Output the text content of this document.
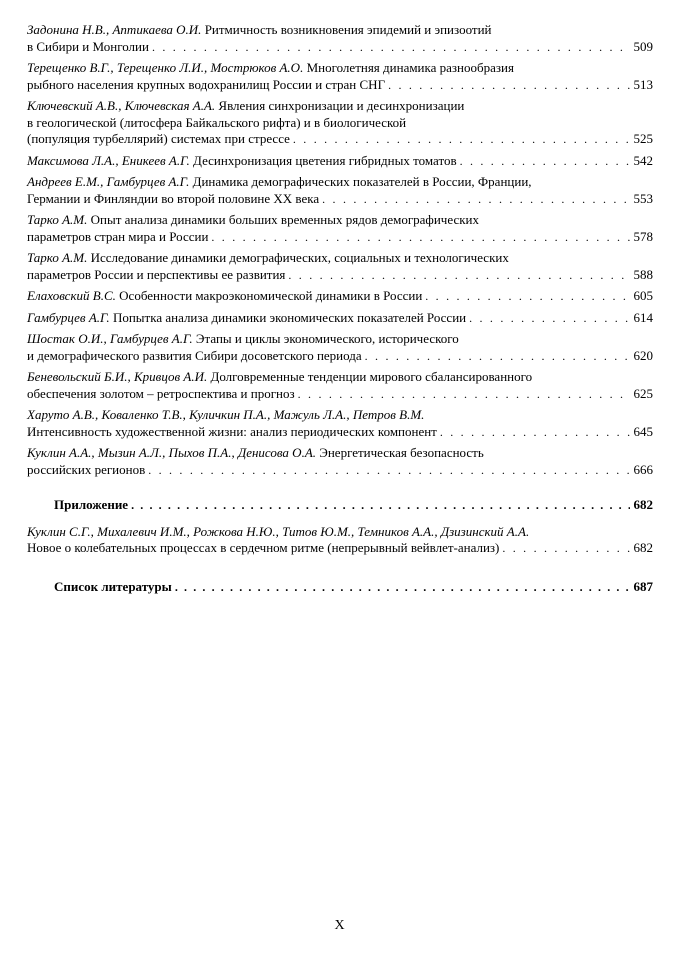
Задонина Н.В., Аптикаева О.И. Ритмичность возникновения эпидемий и эпизоотий
в Сибири и Монголии . . .	509
Терещенко В.Г., Терещенко Л.И., Мострюков А.О. Многолетняя динамика разнообразия
рыбного населения крупных водохранилищ России и стран СНГ . . .	513
Ключевский А.В., Ключевская А.А. Явления синхронизации и десинхронизации
в геологической (литосфера Байкальского рифта) и в биологической
(популяция турбеллярий) системах при стрессе . . .	525
Максимова Л.А., Еникеев А.Г. Десинхронизация цветения гибридных томатов . . .	542
Андреев Е.М., Гамбурцев А.Г. Динамика демографических показателей в России, Франции,
Германии и Финляндии во второй половине XX века . . .	553
Тарко А.М. Опыт анализа динамики больших временных рядов демографических
параметров стран мира и России . . .	578
Тарко А.М. Исследование динамики демографических, социальных и технологических
параметров России и перспективы ее развития . . .	588
Елаховский В.С. Особенности макроэкономической динамики в России . . .	605
Гамбурцев А.Г. Попытка анализа динамики экономических показателей России . . .	614
Шостак О.И., Гамбурцев А.Г. Этапы и циклы экономического, исторического
и демографического развития Сибири досоветского периода . . .	620
Беневольский Б.И., Кривцов А.И. Долговременные тенденции мирового сбалансированного
обеспечения золотом – ретроспектива и прогноз . . .	625
Харуто А.В., Коваленко Т.В., Куличкин П.А., Мажуль Л.А., Петров В.М.
Интенсивность художественной жизни: анализ периодических компонент . . .	645
Куклин А.А., Мызин А.Л., Пыхов П.А., Денисова О.А. Энергетическая безопасность
российских регионов . . .	666
Приложение . . .	682
Куклин С.Г., Михалевич И.М., Рожкова Н.Ю., Титов Ю.М., Темников А.А., Дзизинский А.А.
Новое о колебательных процессах в сердечном ритме (непрерывный вейвлет-анализ) . . .	682
Список литературы . . .	687
X
